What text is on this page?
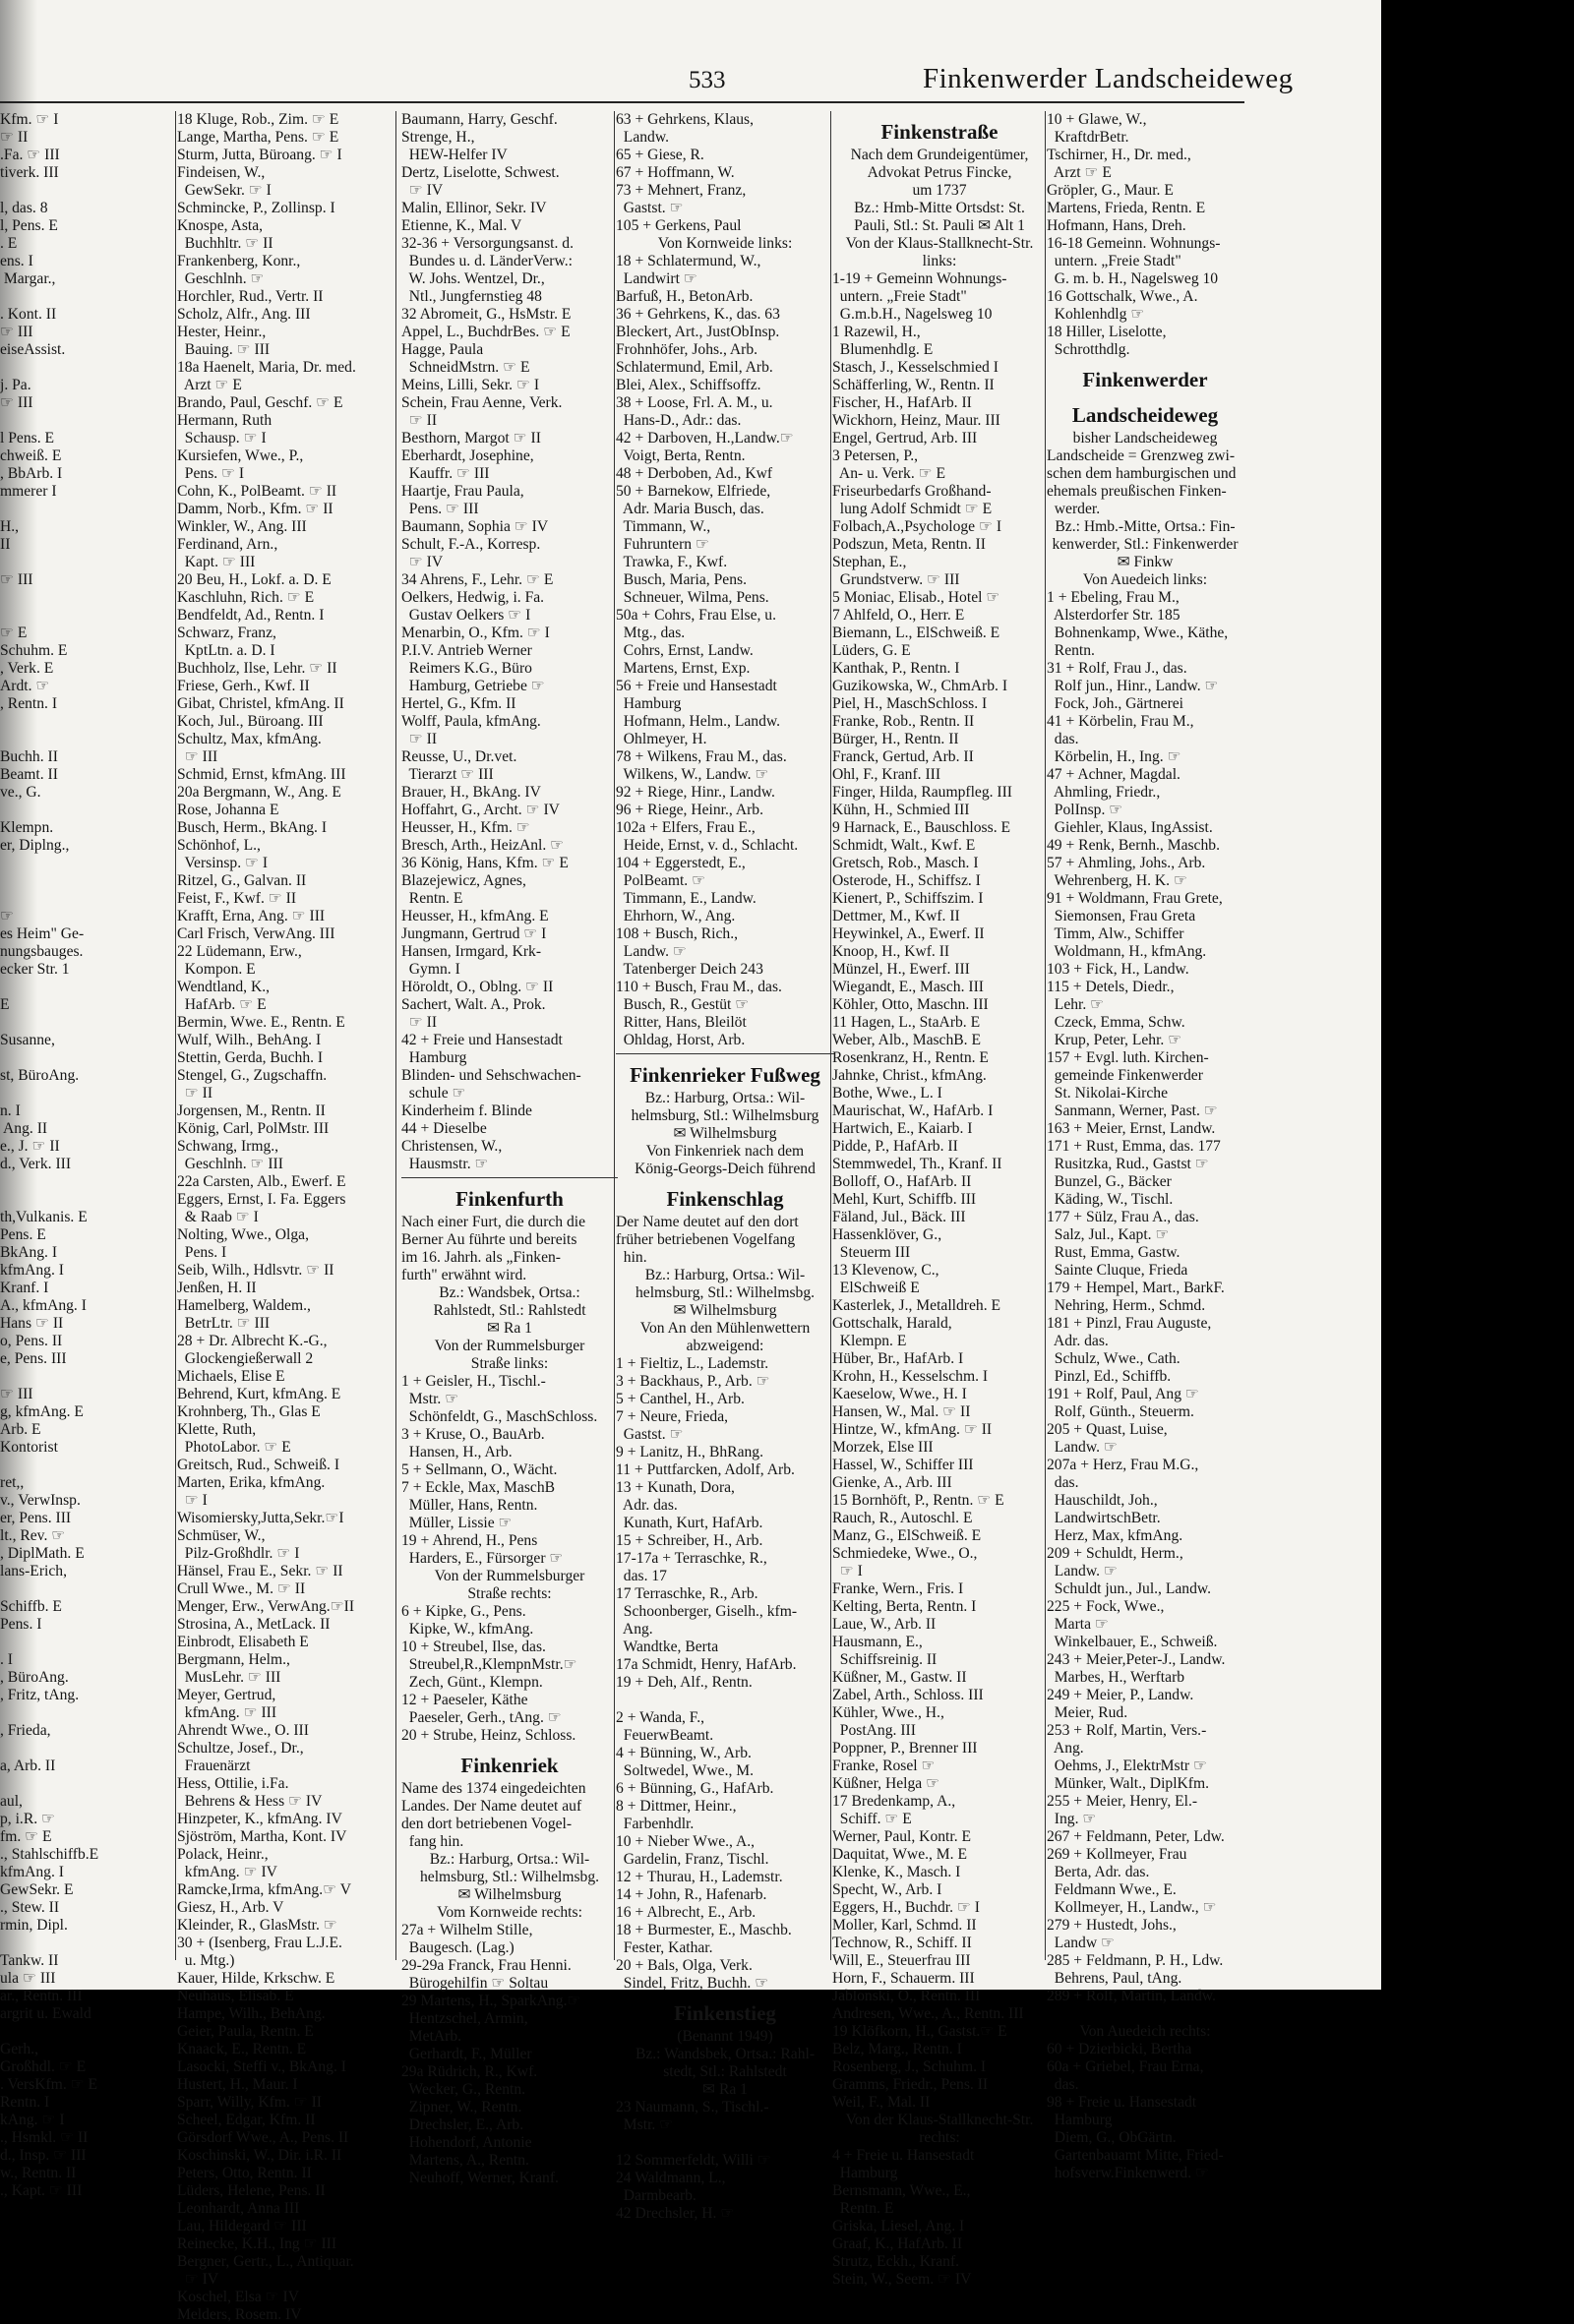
533	Finkenwerder Landscheideweg

Kfm. ☞ I

☞ II

.Fa. ☞ III

tiverk. III

l, das. 8

l, Pens. E

. E

ens. I

Margar.,

. Kont. II

☞ III

eiseAssist.

j. Pa.

☞ III

l Pens. E

chweiß. E

, BbArb. I

mmerer I

H.,

II

☞ III

☞ E

Schuhm. E

, Verk. E

Ardt. ☞

, Rentn. I

Buchh. II

Beamt. II

ve., G.

Klempn.

er, Diplng.,

☞

es Heim" Ge-

nungsbauges.

ecker Str. 1

E

Susanne,

st, BüroAng.

n. I

Ang. II

e., J. ☞ II

d., Verk. III

th,Vulkanis. E

Pens. E

BkAng. I

kfmAng. I

Kranf. I

A., kfmAng. I

Hans ☞ II

o, Pens. II

e, Pens. III

☞ III

g, kfmAng. E

Arb. E

Kontorist

ret,,

v., VerwInsp.

er, Pens. III

lt., Rev. ☞

, DiplMath. E

lans-Erich,

Schiffb. E

Pens. I

. I

, BüroAng.

, Fritz, tAng.

, Frieda,

a, Arb. II

aul,

p, i.R. ☞

fm. ☞ E

., Stahlschiffb.E

kfmAng. I

GewSekr. E

., Stew. II

rmin, Dipl.

Tankw. II

ula ☞ III

ar., Rentn. III

argrit u. Ewald

Gerh.,

Großhdl. ☞ E

. VersKfm. ☞ E

Rentn. I

kAng. ☞ I

., Hsmkl. ☞ II

d., Insp. ☞ III

w., Rentn. II

., Kapt. ☞ III

18 Kluge, Rob., Zim. ☞ E

Lange, Martha, Pens. ☞ E

Sturm, Jutta, Büroang. ☞ I

Findeisen, W.,

GewSekr. ☞ I

Schmincke, P., Zollinsp. I

Knospe, Asta,

Buchhltr. ☞ II

Frankenberg, Konr.,

Geschlnh. ☞

Horchler, Rud., Vertr. II

Scholz, Alfr., Ang. III

Hester, Heinr.,

Bauing. ☞ III

18a Haenelt, Maria, Dr. med.

Arzt ☞ E

Brando, Paul, Geschf. ☞ E

Hermann, Ruth

Schausp. ☞ I

Kursiefen, Wwe., P.,

Pens. ☞ I

Cohn, K., PolBeamt. ☞ II

Damm, Norb., Kfm. ☞ II

Winkler, W., Ang. III

Ferdinand, Arn.,

Kapt. ☞ III

20 Beu, H., Lokf. a. D. E

Kaschluhn, Rich. ☞ E

Bendfeldt, Ad., Rentn. I

Schwarz, Franz,

KptLtn. a. D. I

Buchholz, Ilse, Lehr. ☞ II

Friese, Gerh., Kwf. II

Gibat, Christel, kfmAng. II

Koch, Jul., Büroang. III

Schultz, Max, kfmAng.

☞ III

Schmid, Ernst, kfmAng. III

20a Bergmann, W., Ang. E

Rose, Johanna E

Busch, Herm., BkAng. I

Schönhof, L.,

Versinsp. ☞ I

Ritzel, G., Galvan. II

Feist, F., Kwf. ☞ II

Krafft, Erna, Ang. ☞ III

Carl Frisch, VerwAng. III

22 Lüdemann, Erw.,

Kompon. E

Wendtland, K.,

HafArb. ☞ E

Bermin, Wwe. E., Rentn. E

Wulf, Wilh., BehAng. I

Stettin, Gerda, Buchh. I

Stengel, G., Zugschaffn.

☞ II

Jorgensen, M., Rentn. II

König, Carl, PolMstr. III

Schwang, Irmg.,

Geschlnh. ☞ III

22a Carsten, Alb., Ewerf. E

Eggers, Ernst, I. Fa. Eggers

& Raab ☞ I

Nolting, Wwe., Olga,

Pens. I

Seib, Wilh., Hdlsvtr. ☞ II

Jenßen, H. II

Hamelberg, Waldem.,

BetrLtr. ☞ III

28 + Dr. Albrecht K.-G.,

Glockengießerwall 2

Michaels, Elise E

Behrend, Kurt, kfmAng. E

Krohnberg, Th., Glas E

Klette, Ruth,

PhotoLabor. ☞ E

Greitsch, Rud., Schweiß. I

Marten, Erika, kfmAng.

☞ I

Wisomiersky,Jutta,Sekr.☞I

Schmüser, W.,

Pilz-Großhdlr. ☞ I

Hänsel, Frau E., Sekr. ☞ II

Crull Wwe., M. ☞ II

Menger, Erw., VerwAng.☞II

Strosina, A., MetLack. II

Einbrodt, Elisabeth E

Bergmann, Helm.,

MusLehr. ☞ III

Meyer, Gertrud,

kfmAng. ☞ III

Ahrendt Wwe., O. III

Schultze, Josef., Dr.,

Frauenärzt

Hess, Ottilie, i.Fa.

Behrens & Hess ☞ IV

Hinzpeter, K., kfmAng. IV

Sjöström, Martha, Kont. IV

Polack, Heinr.,

kfmAng. ☞ IV

Ramcke,Irma, kfmAng.☞ V

Giesz, H., Arb. V

Kleinder, R., GlasMstr. ☞

30 + (Isenberg, Frau L.J.E.

u. Mtg.)

Kauer, Hilde, Krkschw. E

Neuhaus, Elisab. E

Hampe, Wilh., BehAng.

Geier, Paula, Rentn. E

Knaack, E., Rentn. E

Lasocki, Steffi v., BkAng. I

Hustert, H., Maur. I

Sparr, Willy, Kfm. ☞ II

Scheel, Edgar, Kfm. II

Görsdorf Wwe., A., Pens. II

Koschinski, W., Dir. i.R. II

Peters, Otto, Rentn. II

Lüders, Helene, Pens. II

Leonhardt, Anna III

Lau, Hildegard ☞ III

Reinecke, K.H., Ing ☞ III

Bergner, Gertr., L., Antiquar.

☞ IV

Koschel, Elsa ☞ IV

Melders, Rosem. IV

Baumann, Harry, Geschf.

Strenge, H.,

HEW-Helfer IV

Dertz, Liselotte, Schwest.

☞ IV

Malin, Ellinor, Sekr. IV

Etienne, K., Mal. V

32-36 + Versorgungsanst. d.

Bundes u. d. LänderVerw.:

W. Johs. Wentzel, Dr.,

Ntl., Jungfernstieg 48

32 Abromeit, G., HsMstr. E

Appel, L., BuchdrBes. ☞ E

Hagge, Paula

SchneidMstrn. ☞ E

Meins, Lilli, Sekr. ☞ I

Schein, Frau Aenne, Verk.

☞ II

Besthorn, Margot ☞ II

Eberhardt, Josephine,

Kauffr. ☞ III

Haartje, Frau Paula,

Pens. ☞ III

Baumann, Sophia ☞ IV

Schult, F.-A., Korresp.

☞ IV

34 Ahrens, F., Lehr. ☞ E

Oelkers, Hedwig, i. Fa.

Gustav Oelkers ☞ I

Menarbin, O., Kfm. ☞ I

P.I.V. Antrieb Werner

Reimers K.G., Büro

Hamburg, Getriebe ☞

Hertel, G., Kfm. II

Wolff, Paula, kfmAng.

☞ II

Reusse, U., Dr.vet.

Tierarzt ☞ III

Brauer, H., BkAng. IV

Hoffahrt, G., Archt. ☞ IV

Heusser, H., Kfm. ☞

Bresch, Arth., HeizAnl. ☞

36 König, Hans, Kfm. ☞ E

Blazejewicz, Agnes,

Rentn. E

Heusser, H., kfmAng. E

Jungmann, Gertrud ☞ I

Hansen, Irmgard, Krk-

Gymn. I

Höroldt, O., Oblng. ☞ II

Sachert, Walt. A., Prok.

☞ II

42 + Freie und Hansestadt

Hamburg

Blinden- und Sehschwachen-

schule ☞

Kinderheim f. Blinde

44 + Dieselbe

Christensen, W.,

Hausmstr. ☞

Finkenfurth

Nach einer Furt, die durch die

Berner Au führte und bereits

im 16. Jahrh. als „Finken-

furth" erwähnt wird.

Bz.: Wandsbek, Ortsa.:

Rahlstedt, Stl.: Rahlstedt

✉ Ra 1

Von der Rummelsburger

Straße links:

1 + Geisler, H., Tischl.-

Mstr. ☞

Schönfeldt, G., MaschSchloss.

3 + Kruse, O., BauArb.

Hansen, H., Arb.

5 + Sellmann, O., Wächt.

7 + Eckle, Max, MaschB

Müller, Hans, Rentn.

Müller, Lissie ☞

19 + Ahrend, H., Pens

Harders, E., Fürsorger ☞

Von der Rummelsburger

Straße rechts:

6 + Kipke, G., Pens.

Kipke, W., kfmAng.

10 + Streubel, Ilse, das.

Streubel,R.,KlempnMstr.☞

Zech, Günt., Klempn.

12 + Paeseler, Käthe

Paeseler, Gerh., tAng. ☞

20 + Strube, Heinz, Schloss.

Finkenriek

Name des 1374 eingedeichten

Landes. Der Name deutet auf

den dort betriebenen Vogel-

fang hin.

Bz.: Harburg, Ortsa.: Wil-

helmsburg, Stl.: Wilhelmsbg.

✉ Wilhelmsburg

Vom Kornweide rechts:

27a + Wilhelm Stille,

Baugesch. (Lag.)

29-29a Franck, Frau Henni.

Bürogehilfin ☞ Soltau

29 Martens, H., SparkAng.☞

Hentzschel, Armin,

MetArb.

Gerhardt, F., Müller

29a Rüdrich, R., Kwf.

Wecker, G., Rentn.

Zipner, W., Rentn.

Drechsler, E., Arb.

Hohendorf, Antonie

Martens, A., Rentn.

Neuhoff, Werner, Kranf.

63 + Gehrkens, Klaus,

Landw.

65 + Giese, R.

67 + Hoffmann, W.

73 + Mehnert, Franz,

Gastst. ☞

105 + Gerkens, Paul

Von Kornweide links:

18 + Schlatermund, W.,

Landwirt ☞

Barfuß, H., BetonArb.

36 + Gehrkens, K., das. 63

Bleckert, Art., JustObInsp.

Frohnhöfer, Johs., Arb.

Schlatermund, Emil, Arb.

Blei, Alex., Schiffsoffz.

38 + Loose, Frl. A. M., u.

Hans-D., Adr.: das.

42 + Darboven, H.,Landw.☞

Voigt, Berta, Rentn.

48 + Derboben, Ad., Kwf

50 + Barnekow, Elfriede,

Adr. Maria Busch, das.

Timmann, W.,

Fuhruntern ☞

Trawka, F., Kwf.

Busch, Maria, Pens.

Schneuer, Wilma, Pens.

50a + Cohrs, Frau Else, u.

Mtg., das.

Cohrs, Ernst, Landw.

Martens, Ernst, Exp.

56 + Freie und Hansestadt

Hamburg

Hofmann, Helm., Landw.

Ohlmeyer, H.

78 + Wilkens, Frau M., das.

Wilkens, W., Landw. ☞

92 + Riege, Hinr., Landw.

96 + Riege, Heinr., Arb.

102a + Elfers, Frau E.,

Heide, Ernst, v. d., Schlacht.

104 + Eggerstedt, E.,

PolBeamt. ☞

Timmann, E., Landw.

Ehrhorn, W., Ang.

108 + Busch, Rich.,

Landw. ☞

Tatenberger Deich 243

110 + Busch, Frau M., das.

Busch, R., Gestüt ☞

Ritter, Hans, Bleilöt

Ohldag, Horst, Arb.

Finkenrieker Fußweg

Bz.: Harburg, Ortsa.: Wil-

helmsburg, Stl.: Wilhelmsburg

✉ Wilhelmsburg

Von Finkenriek nach dem

König-Georgs-Deich führend

Finkenschlag

Der Name deutet auf den dort

früher betriebenen Vogelfang

hin.

Bz.: Harburg, Ortsa.: Wil-

helmsburg, Stl.: Wilhelmsbg.

✉ Wilhelmsburg

Von An den Mühlenwettern

abzweigend:

1 + Fieltiz, L., Lademstr.

3 + Backhaus, P., Arb. ☞

5 + Canthel, H., Arb.

7 + Neure, Frieda,

Gastst. ☞

9 + Lanitz, H., BhRang.

11 + Puttfarcken, Adolf, Arb.

13 + Kunath, Dora,

Adr. das.

Kunath, Kurt, HafArb.

15 + Schreiber, H., Arb.

17-17a + Terraschke, R.,

das. 17

17 Terraschke, R., Arb.

Schoonberger, Giselh., kfm-

Ang.

Wandtke, Berta

17a Schmidt, Henry, HafArb.

19 + Deh, Alf., Rentn.

2 + Wanda, F.,

FeuerwBeamt.

4 + Bünning, W., Arb.

Soltwedel, Wwe., M.

6 + Bünning, G., HafArb.

8 + Dittmer, Heinr.,

Farbenhdlr.

10 + Nieber Wwe., A.,

Gardelin, Franz, Tischl.

12 + Thurau, H., Lademstr.

14 + John, R., Hafenarb.

16 + Albrecht, E., Arb.

18 + Burmester, E., Maschb.

Fester, Kathar.

20 + Bals, Olga, Verk.

Sindel, Fritz, Buchh. ☞

Finkenstieg

(Benannt 1949)

Bz.: Wandsbek, Ortsa.: Rahl-

stedt, Stl.: Rahlstedt

✉ Ra 1

23 Naumann, S., Tischl.-

Mstr. ☞

12 Sommerfeldt, Willi ☞

24 Waldmann, L.,

Darmbearb.

42 Drechsler, H. ☞

Finkenstraße

Nach dem Grundeigentümer,

Advokat Petrus Fincke,

um 1737

Bz.: Hmb-Mitte Ortsdst: St.

Pauli, Stl.: St. Pauli ✉ Alt 1

Von der Klaus-Stallknecht-Str.

links:

1-19 + Gemeinn Wohnungs-

untern. „Freie Stadt"

G.m.b.H., Nagelsweg 10

1 Razewil, H.,

Blumenhdlg. E

Stasch, J., Kesselschmied I

Schäfferling, W., Rentn. II

Fischer, H., HafArb. II

Wickhorn, Heinz, Maur. III

Engel, Gertrud, Arb. III

3 Petersen, P.,

An- u. Verk. ☞ E

Friseurbedarfs Großhand-

lung Adolf Schmidt ☞ E

Folbach,A.,Psychologe ☞ I

Podszun, Meta, Rentn. II

Stephan, E.,

Grundstverw. ☞ III

5 Moniac, Elisab., Hotel ☞

7 Ahlfeld, O., Herr. E

Biemann, L., ElSchweiß. E

Lüders, G. E

Kanthak, P., Rentn. I

Guzikowska, W., ChmArb. I

Piel, H., MaschSchloss. I

Franke, Rob., Rentn. II

Bürger, H., Rentn. II

Franck, Gertud, Arb. II

Ohl, F., Kranf. III

Finger, Hilda, Raumpfleg. III

Kühn, H., Schmied III

9 Harnack, E., Bauschloss. E

Schmidt, Walt., Kwf. E

Gretsch, Rob., Masch. I

Osterode, H., Schiffsz. I

Kienert, P., Schiffszim. I

Dettmer, M., Kwf. II

Heywinkel, A., Ewerf. II

Knoop, H., Kwf. II

Münzel, H., Ewerf. III

Wiegandt, E., Masch. III

Köhler, Otto, Maschn. III

11 Hagen, L., StaArb. E

Weber, Alb., MaschB. E

Rosenkranz, H., Rentn. E

Jahnke, Christ., kfmAng.

Bothe, Wwe., L. I

Maurischat, W., HafArb. I

Hartwich, E., Kaiarb. I

Pidde, P., HafArb. II

Stemmwedel, Th., Kranf. II

Bolloff, O., HafArb. II

Mehl, Kurt, Schiffb. III

Fäland, Jul., Bäck. III

Hassenklöver, G.,

Steuerm III

13 Klevenow, C.,

ElSchweiß E

Kasterlek, J., Metalldreh. E

Gottschalk, Harald,

Klempn. E

Hüber, Br., HafArb. I

Krohn, H., Kesselschm. I

Kaeselow, Wwe., H. I

Hansen, W., Mal. ☞ II

Hintze, W., kfmAng. ☞ II

Morzek, Else III

Hassel, W., Schiffer III

Gienke, A., Arb. III

15 Bornhöft, P., Rentn. ☞ E

Rauch, R., Autoschl. E

Manz, G., ElSchweiß. E

Schmiedeke, Wwe., O.,

☞ I

Franke, Wern., Fris. I

Kelting, Berta, Rentn. I

Laue, W., Arb. II

Hausmann, E.,

Schiffsreinig. II

Küßner, M., Gastw. II

Zabel, Arth., Schloss. III

Kühler, Wwe., H.,

PostAng. III

Poppner, P., Brenner III

Franke, Rosel ☞

Küßner, Helga ☞

17 Bredenkamp, A.,

Schiff. ☞ E

Werner, Paul, Kontr. E

Daquitat, Wwe., M. E

Klenke, K., Masch. I

Specht, W., Arb. I

Eggers, H., Buchdr. ☞ I

Moller, Karl, Schmd. II

Technow, R., Schiff. II

Will, E., Steuerfrau III

Horn, F., Schauerm. III

Jablonski, O., Rentn. III

Andresen, Wwe., A., Rentn. III

19 Klöfkorn, H., Gastst.☞ E

Belz, Marg., Rentn. I

Rosenberg, J., Schuhm. I

Gramms, Friedr., Pens. II

Weil, F., Mal. II

Von der Klaus-Stallknecht-Str.

rechts:

4 + Freie u. Hansestadt

Hamburg

Bernsmann, Wwe., E.,

Rentn. E

Griska, Liesel, Ang. I

Graaf, K., HafArb. II

Strutz, Eckh., Kranf.

Stein, W., Seem. ☞ IV

10 + Glawe, W.,

KraftdrBetr.

Tschirner, H., Dr. med.,

Arzt ☞ E

Gröpler, G., Maur. E

Martens, Frieda, Rentn. E

Hofmann, Hans, Dreh.

16-18 Gemeinn. Wohnungs-

untern. „Freie Stadt"

G. m. b. H., Nagelsweg 10

16 Gottschalk, Wwe., A.

Kohlenhdlg ☞

18 Hiller, Liselotte,

Schrotthdlg.

Finkenwerder

Landscheideweg

bisher Landscheideweg

Landscheide = Grenzweg zwi-

schen dem hamburgischen und

ehemals preußischen Finken-

werder.

Bz.: Hmb.-Mitte, Ortsa.: Fin-

kenwerder, Stl.: Finkenwerder

✉ Finkw

Von Auedeich links:

1 + Ebeling, Frau M.,

Alsterdorfer Str. 185

Bohnenkamp, Wwe., Käthe,

Rentn.

31 + Rolf, Frau J., das.

Rolf jun., Hinr., Landw. ☞

Fock, Joh., Gärtnerei

41 + Körbelin, Frau M.,

das.

Körbelin, H., Ing. ☞

47 + Achner, Magdal.

Ahmling, Friedr.,

PolInsp. ☞

Giehler, Klaus, IngAssist.

49 + Renk, Bernh., Maschb.

57 + Ahmling, Johs., Arb.

Wehrenberg, H. K. ☞

91 + Woldmann, Frau Grete,

Siemonsen, Frau Greta

Timm, Alw., Schiffer

Woldmann, H., kfmAng.

103 + Fick, H., Landw.

115 + Detels, Diedr.,

Lehr. ☞

Czeck, Emma, Schw.

Krup, Peter, Lehr. ☞

157 + Evgl. luth. Kirchen-

gemeinde Finkenwerder

St. Nikolai-Kirche

Sanmann, Werner, Past. ☞

163 + Meier, Ernst, Landw.

171 + Rust, Emma, das. 177

Rusitzka, Rud., Gastst ☞

Bunzel, G., Bäcker

Käding, W., Tischl.

177 + Sülz, Frau A., das.

Salz, Jul., Kapt. ☞

Rust, Emma, Gastw.

Sainte Cluque, Frieda

179 + Hempel, Mart., BarkF.

Nehring, Herm., Schmd.

181 + Pinzl, Frau Auguste,

Adr. das.

Schulz, Wwe., Cath.

Pinzl, Ed., Schiffb.

191 + Rolf, Paul, Ang ☞

Rolf, Günth., Steuerm.

205 + Quast, Luise,

Landw. ☞

207a + Herz, Frau M.G.,

das.

Hauschildt, Joh.,

LandwirtschBetr.

Herz, Max, kfmAng.

209 + Schuldt, Herm.,

Landw. ☞

Schuldt jun., Jul., Landw.

225 + Fock, Wwe.,

Marta ☞

Winkelbauer, E., Schweiß.

243 + Meier,Peter-J., Landw.

Marbes, H., Werftarb

249 + Meier, P., Landw.

Meier, Rud.

253 + Rolf, Martin, Vers.-

Ang.

Oehms, J., ElektrMstr ☞

Münker, Walt., DiplKfm.

255 + Meier, Henry, El.-

Ing. ☞

267 + Feldmann, Peter, Ldw.

269 + Kollmeyer, Frau

Berta, Adr. das.

Feldmann Wwe., E.

Kollmeyer, H., Landw., ☞

279 + Hustedt, Johs.,

Landw ☞

285 + Feldmann, P. H., Ldw.

Behrens, Paul, tAng.

289 + Rolf, Martin, Landw.

Von Auedeich rechts:

60 + Dzierbicki, Bertha

60a + Griebel, Frau Erna,

das.

98 + Freie u. Hansestadt

Hamburg

Diem, G., ObGärtn.

Gartenbauamt Mitte, Fried-

hofsverw.Finkenwerd. ☞
